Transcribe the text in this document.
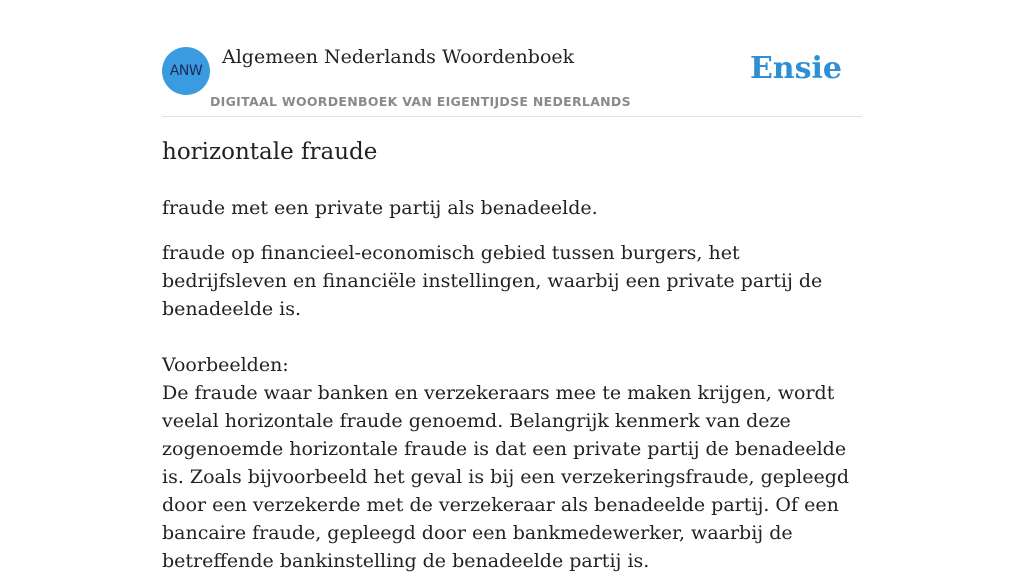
ANW
Algemeen Nederlands Woordenboek
DIGITAAL WOORDENBOEK VAN EIGENTIJDSE NEDERLANDS
Ensie
horizontale fraude
fraude met een private partij als benadeelde.

fraude op financieel-economisch gebied tussen burgers, het bedrijfsleven en financiële instellingen, waarbij een private partij de benadeelde is.

Voorbeelden:

De fraude waar banken en verzekeraars mee te maken krijgen, wordt veelal horizontale fraude genoemd. Belangrijk kenmerk van deze zogenoemde horizontale fraude is dat een private partij de benadeelde is. Zoals bijvoorbeeld het geval is bij een verzekeringsfraude, gepleegd door een verzekerde met de verzekeraar als benadeelde partij. Of een bancaire fraude, gepleegd door een bankmedewerker, waarbij de betreffende bankinstelling de benadeelde partij is.
